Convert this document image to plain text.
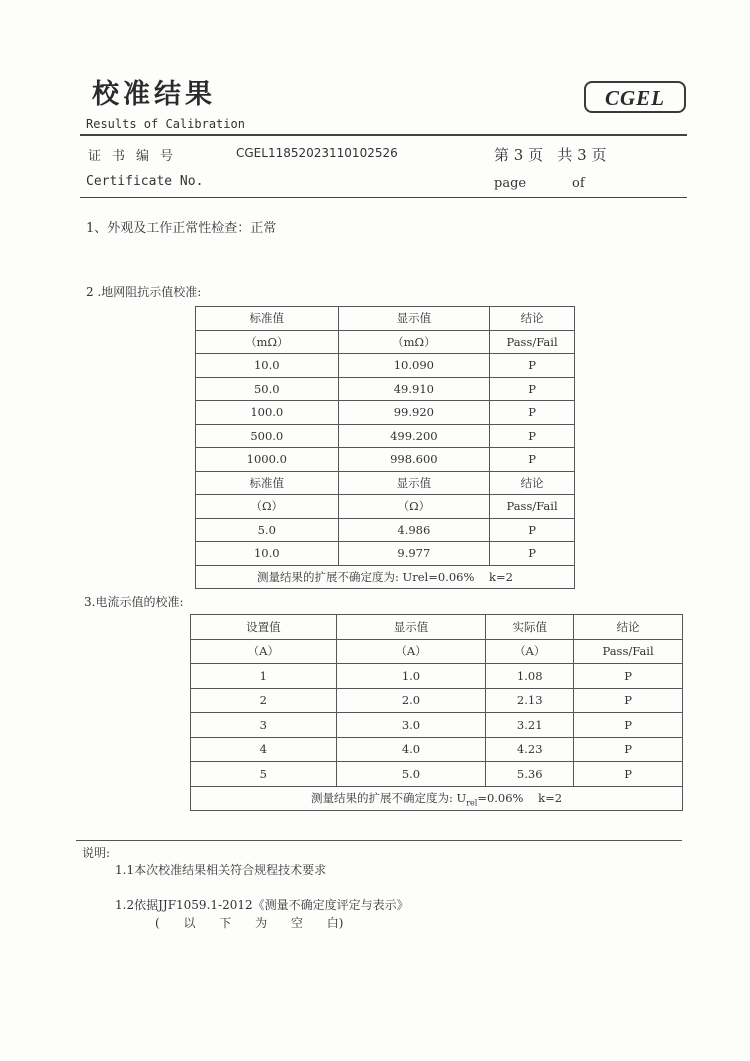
校准结果	CGEL
Results of Calibration
证书编号	CGEL11852023110102526	第 3 页   共 3 页
Certificate No.	page	of
1、外观及工作正常性检查：正常
2 .地网阻抗示值校准:
标准值	显示值	结论
（mΩ）	（mΩ）	Pass/Fail
10.0	10.090	P
50.0	49.910	P
100.0	99.920	P
500.0	499.200	P
1000.0	998.600	P
标准值	显示值	结论
（Ω）	（Ω）	Pass/Fail
5.0	4.986	P
10.0	9.977	P
测量结果的扩展不确定度为: Urel=0.06%    k=2		
3.电流示值的校准:
设置值	显示值	实际值	结论
（A）	（A）	（A）	Pass/Fail
1	1.0	1.08	P
2	2.0	2.13	P
3	3.0	3.21	P
4	4.0	4.23	P
5	5.0	5.36	P
测量结果的扩展不确定度为: $U_{rel}=0.06\%$    k=2			
说明:
1.1本次校准结果相关符合规程技术要求
1.2依据JJF1059.1-2012《测量不确定度评定与表示》
( 以 下 为 空 白)
